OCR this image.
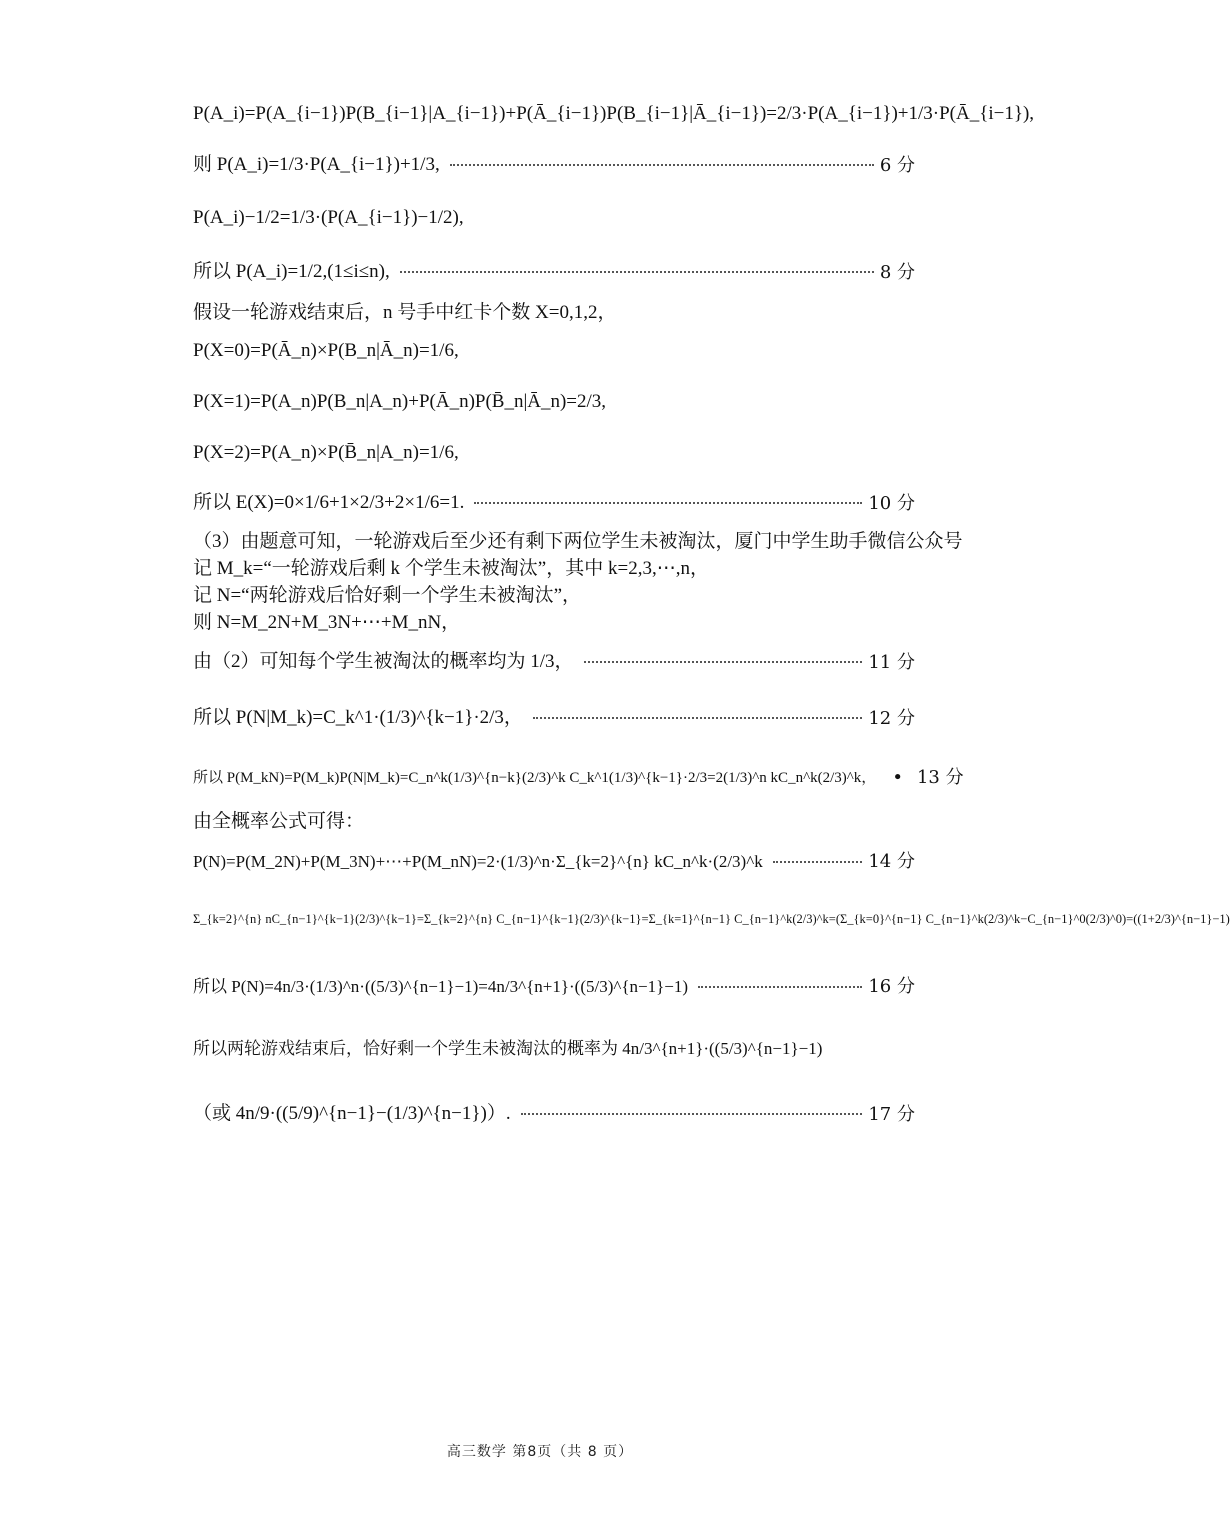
P(A_i)=P(A_{i−1})P(B_{i−1}|A_{i−1})+P(Ā_{i−1})P(B_{i−1}|Ā_{i−1})=2/3·P(A_{i−1})+1/3·P(Ā_{i−1}),
则 P(A_i)=1/3·P(A_{i−1})+1/3,	6 分
P(A_i)−1/2=1/3·(P(A_{i−1})−1/2),
所以 P(A_i)=1/2,(1≤i≤n),	8 分
假设一轮游戏结束后，n 号手中红卡个数 X=0,1,2，
P(X=0)=P(Ā_n)×P(B_n|Ā_n)=1/6,
P(X=1)=P(A_n)P(B_n|A_n)+P(Ā_n)P(B̄_n|Ā_n)=2/3,
P(X=2)=P(A_n)×P(B̄_n|A_n)=1/6,
所以 E(X)=0×1/6+1×2/3+2×1/6=1.	10 分
（3）由题意可知，一轮游戏后至少还有剩下两位学生未被淘汰，厦门中学生助手微信公众号
记 M_k=“一轮游戏后剩 k 个学生未被淘汰”，其中 k=2,3,⋯,n，
记 N=“两轮游戏后恰好剩一个学生未被淘汰”，
则 N=M_2N+M_3N+⋯+M_nN，
由（2）可知每个学生被淘汰的概率均为 1/3，	11 分
所以 P(N|M_k)=C_k^1·(1/3)^{k−1}·2/3，	12 分
所以 P(M_kN)=P(M_k)P(N|M_k)=C_n^k(1/3)^{n−k}(2/3)^k C_k^1(1/3)^{k−1}·2/3=2(1/3)^n kC_n^k(2/3)^k， • 13 分
由全概率公式可得：
P(N)=P(M_2N)+P(M_3N)+⋯+P(M_nN)=2·(1/3)^n·Σ_{k=2}^{n} kC_n^k·(2/3)^k	14 分
Σ_{k=2}^{n} nC_{n−1}^{k−1}(2/3)^{k−1}=Σ_{k=2}^{n} C_{n−1}^{k−1}(2/3)^{k−1}=Σ_{k=1}^{n−1} C_{n−1}^k(2/3)^k=(Σ_{k=0}^{n−1} C_{n−1}^k(2/3)^k−C_{n−1}^0(2/3)^0)=((1+2/3)^{n−1}−1)
所以 P(N)=4n/3·(1/3)^n·((5/3)^{n−1}−1)=4n/3^{n+1}·((5/3)^{n−1}−1)	16 分
所以两轮游戏结束后，恰好剩一个学生未被淘汰的概率为 4n/3^{n+1}·((5/3)^{n−1}−1)
（或 4n/9·((5/9)^{n−1}−(1/3)^{n−1})）.	17 分
高三数学 第8页（共 8 页）
